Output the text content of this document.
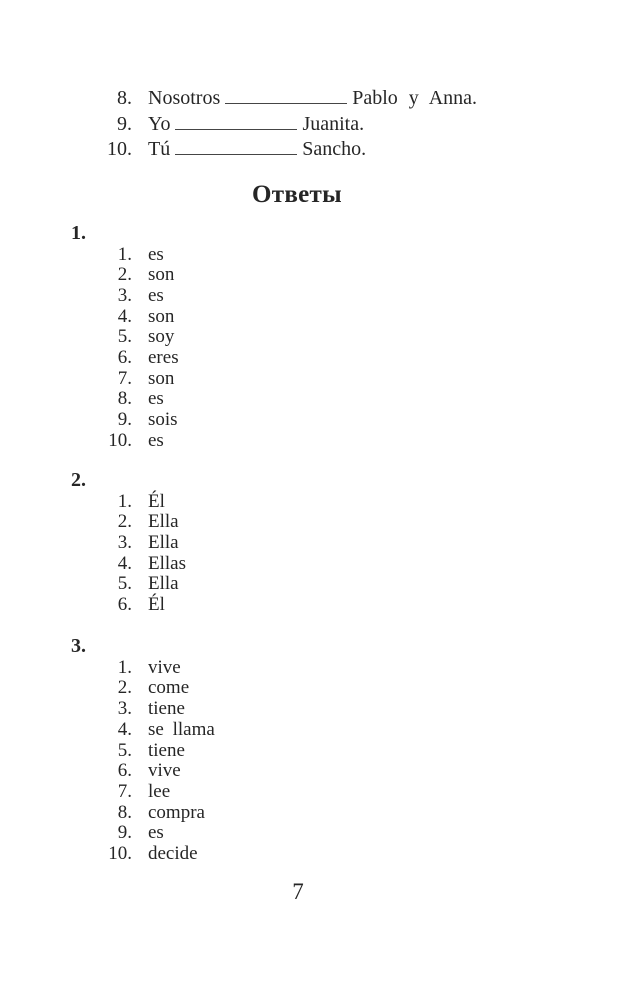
8. Nosotros	Pablo y Anna.
9. Yo	Juanita.
10. Tú	Sancho.
Ответы
1.
1. es
2. son
3. es
4. son
5. soy
6. eres
7. son
8. es
9. sois
10. es
2.
1. Él
2. Ella
3. Ella
4. Ellas
5. Ella
6. Él
3.
1. vive
2. come
3. tiene
4. se llama
5. tiene
6. vive
7. lee
8. compra
9. es
10. decide
7
